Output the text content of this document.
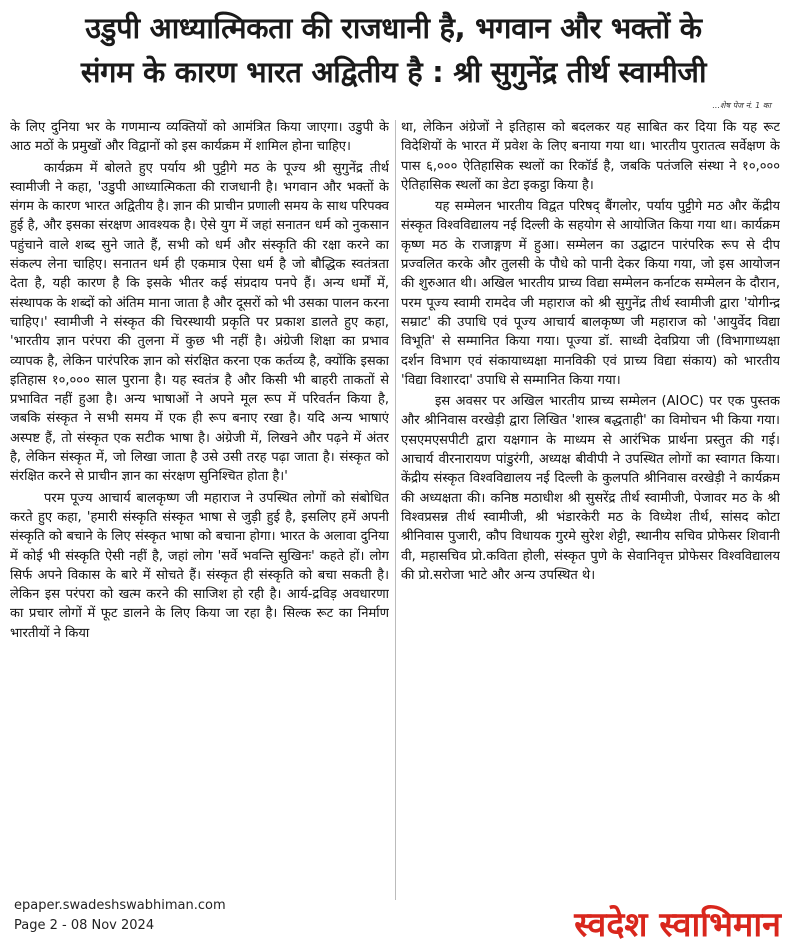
उडुपी आध्यात्मिकता की राजधानी है, भगवान और भक्तों के
संगम के कारण भारत अद्वितीय है : श्री सुगुनेंद्र तीर्थ स्वामीजी
...शेष पेज नं. 1 का

के लिए दुनिया भर के गणमान्य व्यक्तियों को आमंत्रित किया जाएगा। उडुपी के आठ मठों के प्रमुखों और विद्वानों को इस कार्यक्रम में शामिल होना चाहिए।

कार्यक्रम में बोलते हुए पर्याय श्री पुट्टीगे मठ के पूज्य श्री सुगुनेंद्र तीर्थ स्वामीजी ने कहा, 'उडुपी आध्यात्मिकता की राजधानी है। भगवान और भक्तों के संगम के कारण भारत अद्वितीय है। ज्ञान की प्राचीन प्रणाली समय के साथ परिपक्व हुई है, और इसका संरक्षण आवश्यक है। ऐसे युग में जहां सनातन धर्म को नुकसान पहुंचाने वाले शब्द सुने जाते हैं, सभी को धर्म और संस्कृति की रक्षा करने का संकल्प लेना चाहिए। सनातन धर्म ही एकमात्र ऐसा धर्म है जो बौद्धिक स्वतंत्रता देता है, यही कारण है कि इसके भीतर कई संप्रदाय पनपे हैं। अन्य धर्मों में, संस्थापक के शब्दों को अंतिम माना जाता है और दूसरों को भी उसका पालन करना चाहिए।' स्वामीजी ने संस्कृत की चिरस्थायी प्रकृति पर प्रकाश डालते हुए कहा, 'भारतीय ज्ञान परंपरा की तुलना में कुछ भी नहीं है। अंग्रेजी शिक्षा का प्रभाव व्यापक है, लेकिन पारंपरिक ज्ञान को संरक्षित करना एक कर्तव्य है, क्योंकि इसका इतिहास १०,००० साल पुराना है। यह स्वतंत्र है और किसी भी बाहरी ताकतों से प्रभावित नहीं हुआ है। अन्य भाषाओं ने अपने मूल रूप में परिवर्तन किया है, जबकि संस्कृत ने सभी समय में एक ही रूप बनाए रखा है। यदि अन्य भाषाएं अस्पष्ट हैं, तो संस्कृत एक सटीक भाषा है। अंग्रेजी में, लिखने और पढ़ने में अंतर है, लेकिन संस्कृत में, जो लिखा जाता है उसे उसी तरह पढ़ा जाता है। संस्कृत को संरक्षित करने से प्राचीन ज्ञान का संरक्षण सुनिश्चित होता है।'

परम पूज्य आचार्य बालकृष्ण जी महाराज ने उपस्थित लोगों को संबोधित करते हुए कहा, 'हमारी संस्कृति संस्कृत भाषा से जुड़ी हुई है, इसलिए हमें अपनी संस्कृति को बचाने के लिए संस्कृत भाषा को बचाना होगा। भारत के अलावा दुनिया में कोई भी संस्कृति ऐसी नहीं है, जहां लोग 'सर्वे भवन्ति सुखिनः' कहते हों। लोग सिर्फ अपने विकास के बारे में सोचते हैं। संस्कृत ही संस्कृति को बचा सकती है। लेकिन इस परंपरा को खत्म करने की साजिश हो रही है। आर्य-द्रविड़ अवधारणा का प्रचार लोगों में फूट डालने के लिए किया जा रहा है। सिल्क रूट का निर्माण भारतीयों ने किया

था, लेकिन अंग्रेजों ने इतिहास को बदलकर यह साबित कर दिया कि यह रूट विदेशियों के भारत में प्रवेश के लिए बनाया गया था। भारतीय पुरातत्व सर्वेक्षण के पास ६,००० ऐतिहासिक स्थलों का रिकॉर्ड है, जबकि पतंजलि संस्था ने १०,००० ऐतिहासिक स्थलों का डेटा इकट्ठा किया है।

यह सम्मेलन भारतीय विद्वत परिषद् बैंगलोर, पर्याय पुट्टीगे मठ और केंद्रीय संस्कृत विश्वविद्यालय नई दिल्ली के सहयोग से आयोजित किया गया था। कार्यक्रम कृष्ण मठ के राजाङ्गण में हुआ। सम्मेलन का उद्घाटन पारंपरिक रूप से दीप प्रज्वलित करके और तुलसी के पौधे को पानी देकर किया गया, जो इस आयोजन की शुरुआत थी। अखिल भारतीय प्राच्य विद्या सम्मेलन कर्नाटक सम्मेलन के दौरान, परम पूज्य स्वामी रामदेव जी महाराज को श्री सुगुनेंद्र तीर्थ स्वामीजी द्वारा 'योगीन्द्र सम्राट' की उपाधि एवं पूज्य आचार्य बालकृष्ण जी महाराज को 'आयुर्वेद विद्या विभूति' से सम्मानित किया गया। पूज्या डॉ. साध्वी देवप्रिया जी (विभागाध्यक्षा दर्शन विभाग एवं संकायाध्यक्षा मानविकी एवं प्राच्य विद्या संकाय) को भारतीय 'विद्या विशारदा' उपाधि से सम्मानित किया गया।

इस अवसर पर अखिल भारतीय प्राच्य सम्मेलन (AIOC) पर एक पुस्तक और श्रीनिवास वरखेड़ी द्वारा लिखित 'शास्त्र बद्धताही' का विमोचन भी किया गया। एसएमएसपीटी द्वारा यक्षगान के माध्यम से आरंभिक प्रार्थना प्रस्तुत की गई। आचार्य वीरनारायण पांडुरंगी, अध्यक्ष बीवीपी ने उपस्थित लोगों का स्वागत किया। केंद्रीय संस्कृत विश्वविद्यालय नई दिल्ली के कुलपति श्रीनिवास वरखेड़ी ने कार्यक्रम की अध्यक्षता की। कनिष्ठ मठाधीश श्री सुसरेंद्र तीर्थ स्वामीजी, पेजावर मठ के श्री विश्वप्रसन्न तीर्थ स्वामीजी, श्री भंडारकेरी मठ के विध्येश तीर्थ, सांसद कोटा श्रीनिवास पुजारी, कौप विधायक गुरमे सुरेश शेट्टी, स्थानीय सचिव प्रोफेसर शिवानी वी, महासचिव प्रो.कविता होली, संस्कृत पुणे के सेवानिवृत्त प्रोफेसर विश्वविद्यालय की प्रो.सरोजा भाटे और अन्य उपस्थित थे।

epaper.swadeshswabhiman.com
Page 2 - 08 Nov 2024	स्वदेश स्वाभिमान
